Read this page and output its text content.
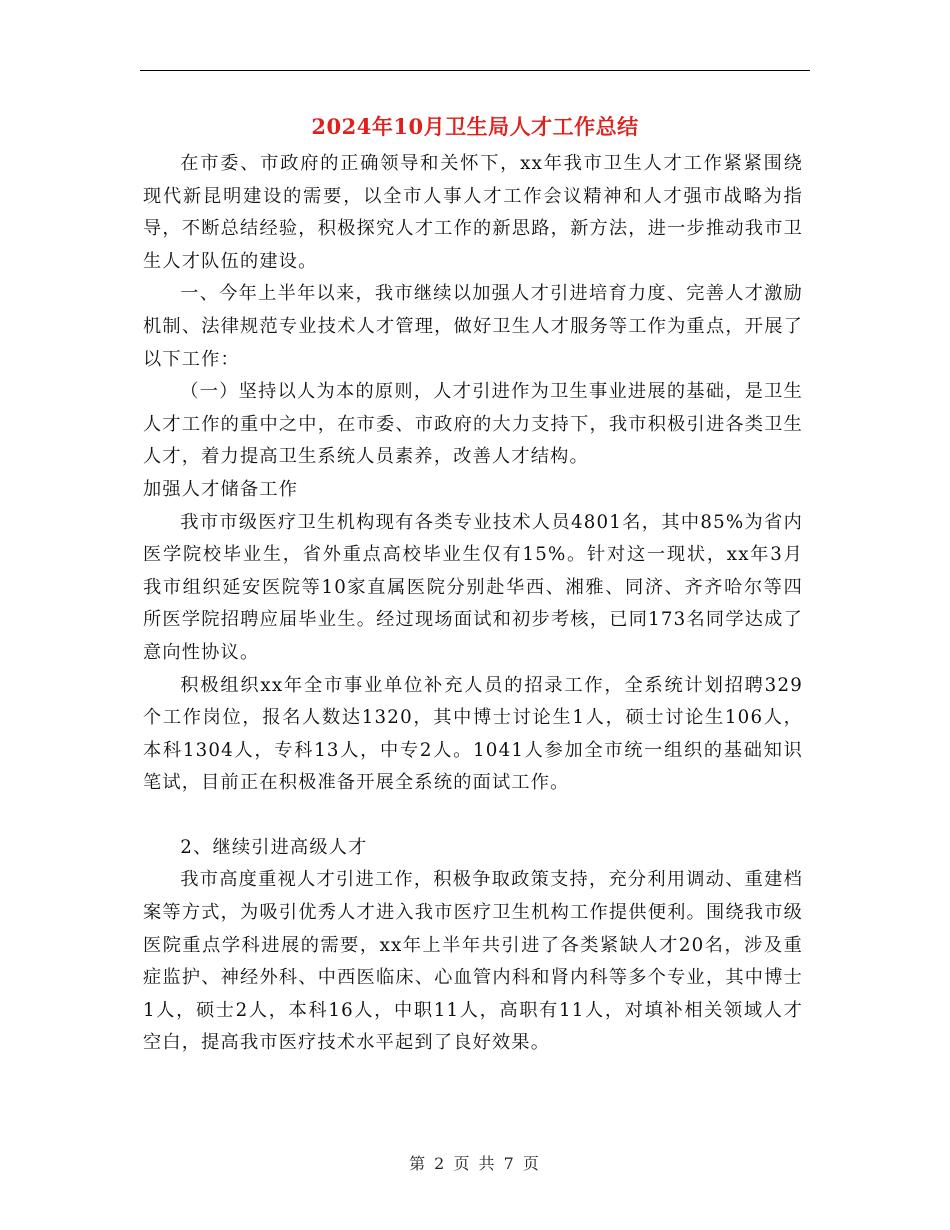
2024年10月卫生局人才工作总结

在市委、市政府的正确领导和关怀下，xx年我市卫生人才工作紧紧围绕现代新昆明建设的需要，以全市人事人才工作会议精神和人才强市战略为指导，不断总结经验，积极探究人才工作的新思路，新方法，进一步推动我市卫生人才队伍的建设。

一、今年上半年以来，我市继续以加强人才引进培育力度、完善人才激励机制、法律规范专业技术人才管理，做好卫生人才服务等工作为重点，开展了以下工作：

（一）坚持以人为本的原则，人才引进作为卫生事业进展的基础，是卫生人才工作的重中之中，在市委、市政府的大力支持下，我市积极引进各类卫生人才，着力提高卫生系统人员素养，改善人才结构。

加强人才储备工作

我市市级医疗卫生机构现有各类专业技术人员4801名，其中85%为省内医学院校毕业生，省外重点高校毕业生仅有15%。针对这一现状，xx年3月我市组织延安医院等10家直属医院分别赴华西、湘雅、同济、齐齐哈尔等四所医学院招聘应届毕业生。经过现场面试和初步考核，已同173名同学达成了意向性协议。

积极组织xx年全市事业单位补充人员的招录工作，全系统计划招聘329个工作岗位，报名人数达1320，其中博士讨论生1人，硕士讨论生106人，本科1304人，专科13人，中专2人。1041人参加全市统一组织的基础知识笔试，目前正在积极准备开展全系统的面试工作。

2、继续引进高级人才

我市高度重视人才引进工作，积极争取政策支持，充分利用调动、重建档案等方式，为吸引优秀人才进入我市医疗卫生机构工作提供便利。围绕我市级医院重点学科进展的需要，xx年上半年共引进了各类紧缺人才20名，涉及重症监护、神经外科、中西医临床、心血管内科和肾内科等多个专业，其中博士1人，硕士2人，本科16人，中职11人，高职有11人，对填补相关领域人才空白，提高我市医疗技术水平起到了良好效果。

第 2 页 共 7 页
